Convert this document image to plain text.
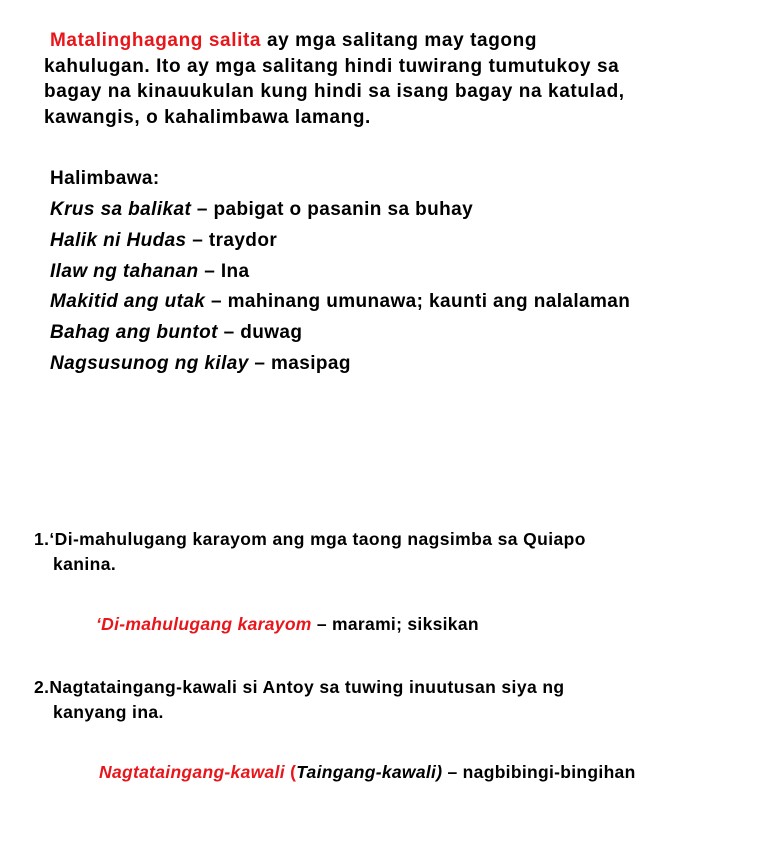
Matalinghagang salita ay mga salitang may tagong
kahulugan. Ito ay mga salitang hindi tuwirang tumutukoy sa
bagay na kinauukulan kung hindi sa isang bagay na katulad,
kawangis, o kahalimbawa lamang.
Halimbawa:
Krus sa balikat – pabigat o pasanin sa buhay
Halik ni Hudas – traydor
Ilaw ng tahanan – Ina
Makitid ang utak – mahinang umunawa; kaunti ang nalalaman
Bahag ang buntot – duwag
Nagsusunog ng kilay – masipag
1.‘Di-mahulugang karayom ang mga taong nagsimba sa Quiapo
kanina.
‘Di-mahulugang karayom – marami; siksikan
2.Nagtataingang-kawali si Antoy sa tuwing inuutusan siya ng
kanyang ina.
Nagtataingang-kawali (Taingang-kawali) – nagbibingi-bingihan
